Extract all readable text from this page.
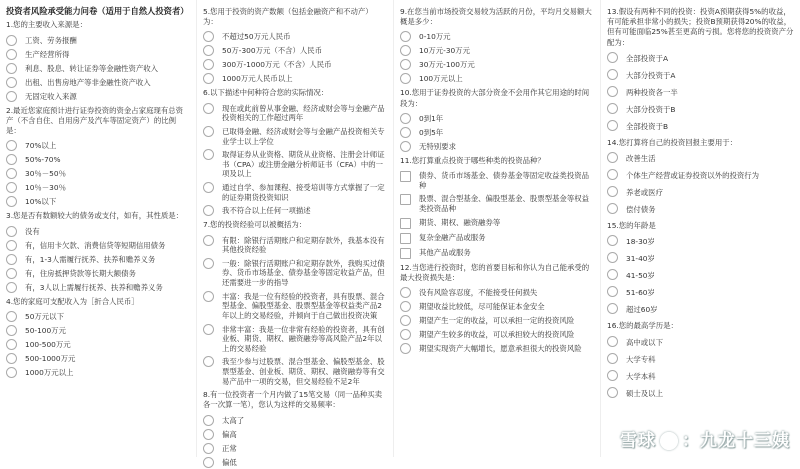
投资者风险承受能力问卷（适用于自然人投资者）
1.您的主要收入来源是：
工资、劳务报酬
生产经营所得
利息、股息、转让证券等金融性资产收入
出租、出售房地产等非金融性资产收入
无固定收入来源
2.最近您家庭预计进行证券投资的资金占家庭现有总资产（不含自住、自用房产及汽车等固定资产）的比例是：
70%以上
50%-70%
30％－50％
10％－30％
10%以下
3.您是否有数额较大的债务或支付，如有，其性质是：
没有
有，信用卡欠款、消费信贷等短期信用债务
有，1-3人需履行抚养、扶养和赡养义务
有，住房抵押贷款等长期大额债务
有，3人以上需履行抚养、扶养和赡养义务
4.您的家庭可支配收入为［折合人民币］
50万元以下
50-100万元
100-500万元
500-1000万元
1000万元以上
5.您用于投资的资产数额（包括金融资产和不动产）为：
不超过50万元人民币
50万-300万元（不含）人民币
300万-1000万元（不含）人民币
1000万元人民币以上
6.以下描述中何种符合您的实际情况：
现在或此前曾从事金融、经济或财会等与金融产品投资相关的工作超过两年
已取得金融、经济或财会等与金融产品投资相关专业学士以上学位
取得证券从业资格、期货从业资格、注册会计师证书（CPA）或注册金融分析师证书（CFA）中的一项及以上
通过自学、参加课程、接受培训等方式掌握了一定的证券期货投资知识
我不符合以上任何一项描述
7.您的投资经验可以被概括为：
有限：除银行活期账户和定期存款外，我基本没有其他投资经验
一般：除银行活期账户和定期存款外，我购买过债券、货币市场基金、债券基金等固定收益产品，但还需要进一步的指导
丰富：我是一位有经验的投资者，具有股票、混合型基金、偏股型基金、股票型基金等权益类产品2年以上的交易经验，并倾向于自己做出投资决策
非常丰富：我是一位非常有经验的投资者，具有创业板、期货、期权、融资融券等高风险产品2年以上的交易经验
我至少参与过股票、混合型基金、偏股型基金、股票型基金、创业板、期货、期权、融资融券等有交易产品中一项的交易，但交易经验不足2年
8.有一位投资者一个月内做了15笔交易（同一品种买卖各一次算一笔），您认为这样的交易频率：
太高了
偏高
正常
偏低
9.在您当前市场投资交易较为活跃的月份，平均月交易额大概是多少：
0-10万元
10万元-30万元
30万元-100万元
100万元以上
10.您用于证券投资的大部分资金不会用作其它用途的时间段为：
0到1年
0到5年
无特别要求
11.您打算重点投资于哪些种类的投资品种？
债券、货币市场基金、债券基金等固定收益类投资品种
股票、混合型基金、偏股型基金、股票型基金等权益类投资品种
期货、期权、融资融券等
复杂金融产品或服务
其他产品或服务
12.当您进行投资时，您的首要目标和你认为自己能承受的最大投资损失是：
没有风险容忍度，不能接受任何损失
期望收益比较低，尽可能保证本金安全
期望产生一定的收益，可以承担一定的投资风险
期望产生较多的收益，可以承担较大的投资风险
期望实现资产大幅增长，愿意承担很大的投资风险
13.假设有两种不同的投资：投资A预期获得5%的收益，有可能承担非常小的损失；投资B预期获得20%的收益，但有可能面临25%甚至更高的亏损。您将您的投资资产分配为：
全部投资于A
大部分投资于A
两种投资各一半
大部分投资于B
全部投资于B
14.您打算将自己的投资回报主要用于：
改善生活
个体生产经营或证券投资以外的投资行为
养老或医疗
偿付债务
15.您的年龄是
18-30岁
31-40岁
41-50岁
51-60岁
超过60岁
16.您的最高学历是：
高中或以下
大学专科
大学本科
硕士及以上
雪球 ：九龙十三姨
